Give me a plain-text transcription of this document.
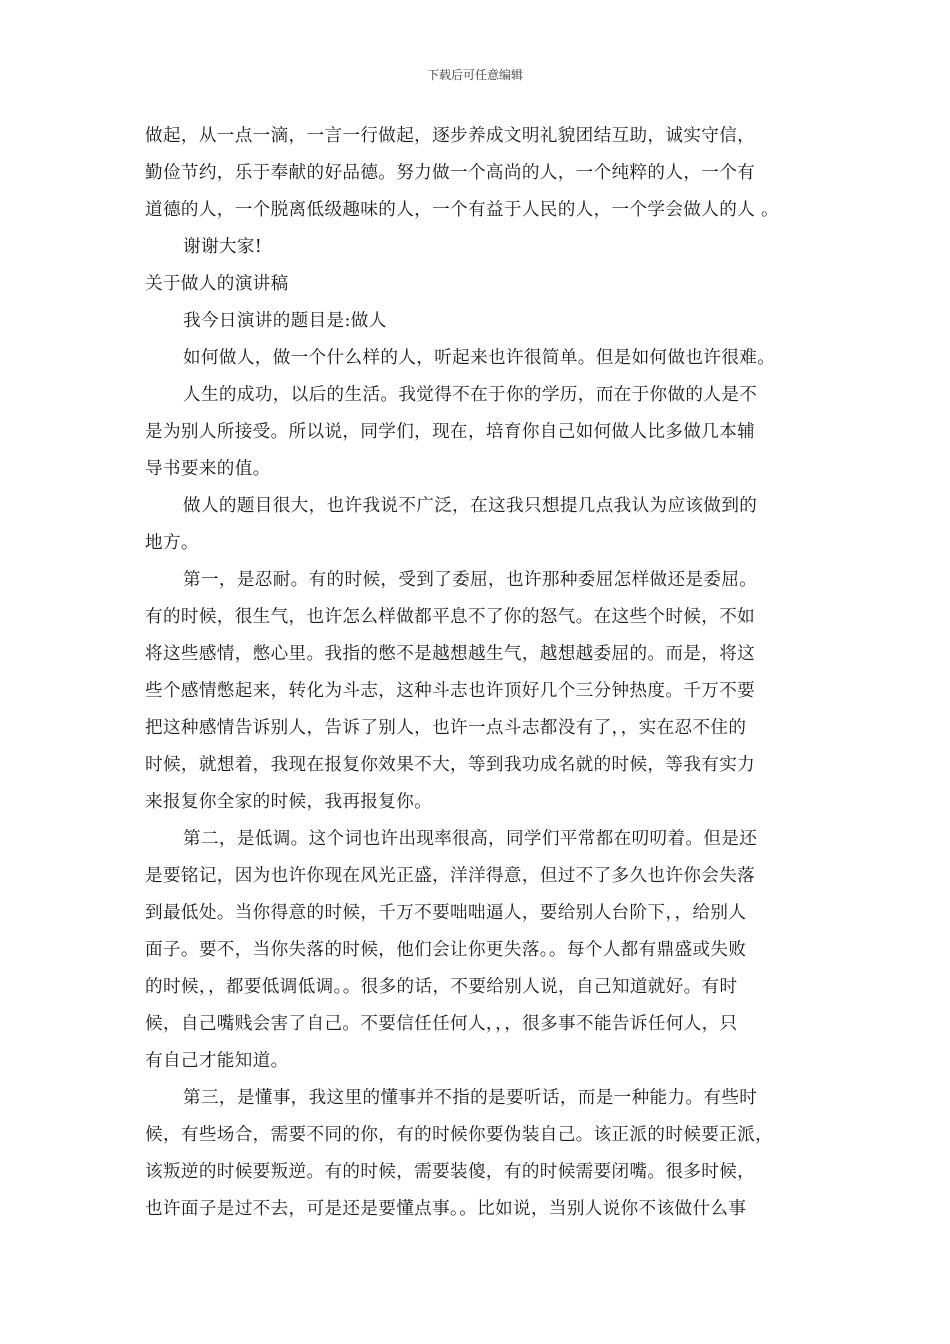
下载后可任意编辑
做起，从一点一滴，一言一行做起，逐步养成文明礼貌团结互助，诚实守信，
勤俭节约，乐于奉献的好品德。努力做一个高尚的人，一个纯粹的人，一个有
道德的人，一个脱离低级趣味的人，一个有益于人民的人，一个学会做人的人 。
谢谢大家!
关于做人的演讲稿
我今日演讲的题目是:做人
如何做人，做一个什么样的人，听起来也许很简单。但是如何做也许很难。
人生的成功，以后的生活。我觉得不在于你的学历，而在于你做的人是不
是为别人所接受。所以说，同学们，现在，培育你自己如何做人比多做几本辅
导书要来的值。
做人的题目很大，也许我说不广泛，在这我只想提几点我认为应该做到的
地方。
第一，是忍耐。有的时候，受到了委屈，也许那种委屈怎样做还是委屈。
有的时候，很生气，也许怎么样做都平息不了你的怒气。在这些个时候，不如
将这些感情，憋心里。我指的憋不是越想越生气，越想越委屈的。而是，将这
些个感情憋起来，转化为斗志，这种斗志也许顶好几个三分钟热度。千万不要
把这种感情告诉别人，告诉了别人，也许一点斗志都没有了，，实在忍不住的
时候，就想着，我现在报复你效果不大，等到我功成名就的时候，等我有实力
来报复你全家的时候，我再报复你。
第二，是低调。这个词也许出现率很高，同学们平常都在叨叨着。但是还
是要铭记，因为也许你现在风光正盛，洋洋得意，但过不了多久也许你会失落
到最低处。当你得意的时候，千万不要咄咄逼人，要给别人台阶下，，给别人
面子。要不，当你失落的时候，他们会让你更失落。。每个人都有鼎盛或失败
的时候，，都要低调低调。。很多的话，不要给别人说，自己知道就好。有时
候，自己嘴贱会害了自己。不要信任任何人，，，很多事不能告诉任何人，只
有自己才能知道。
第三，是懂事，我这里的懂事并不指的是要听话，而是一种能力。有些时
候，有些场合，需要不同的你，有的时候你要伪装自己。该正派的时候要正派，
该叛逆的时候要叛逆。有的时候，需要装傻，有的时候需要闭嘴。很多时候，
也许面子是过不去，可是还是要懂点事。。比如说，当别人说你不该做什么事
